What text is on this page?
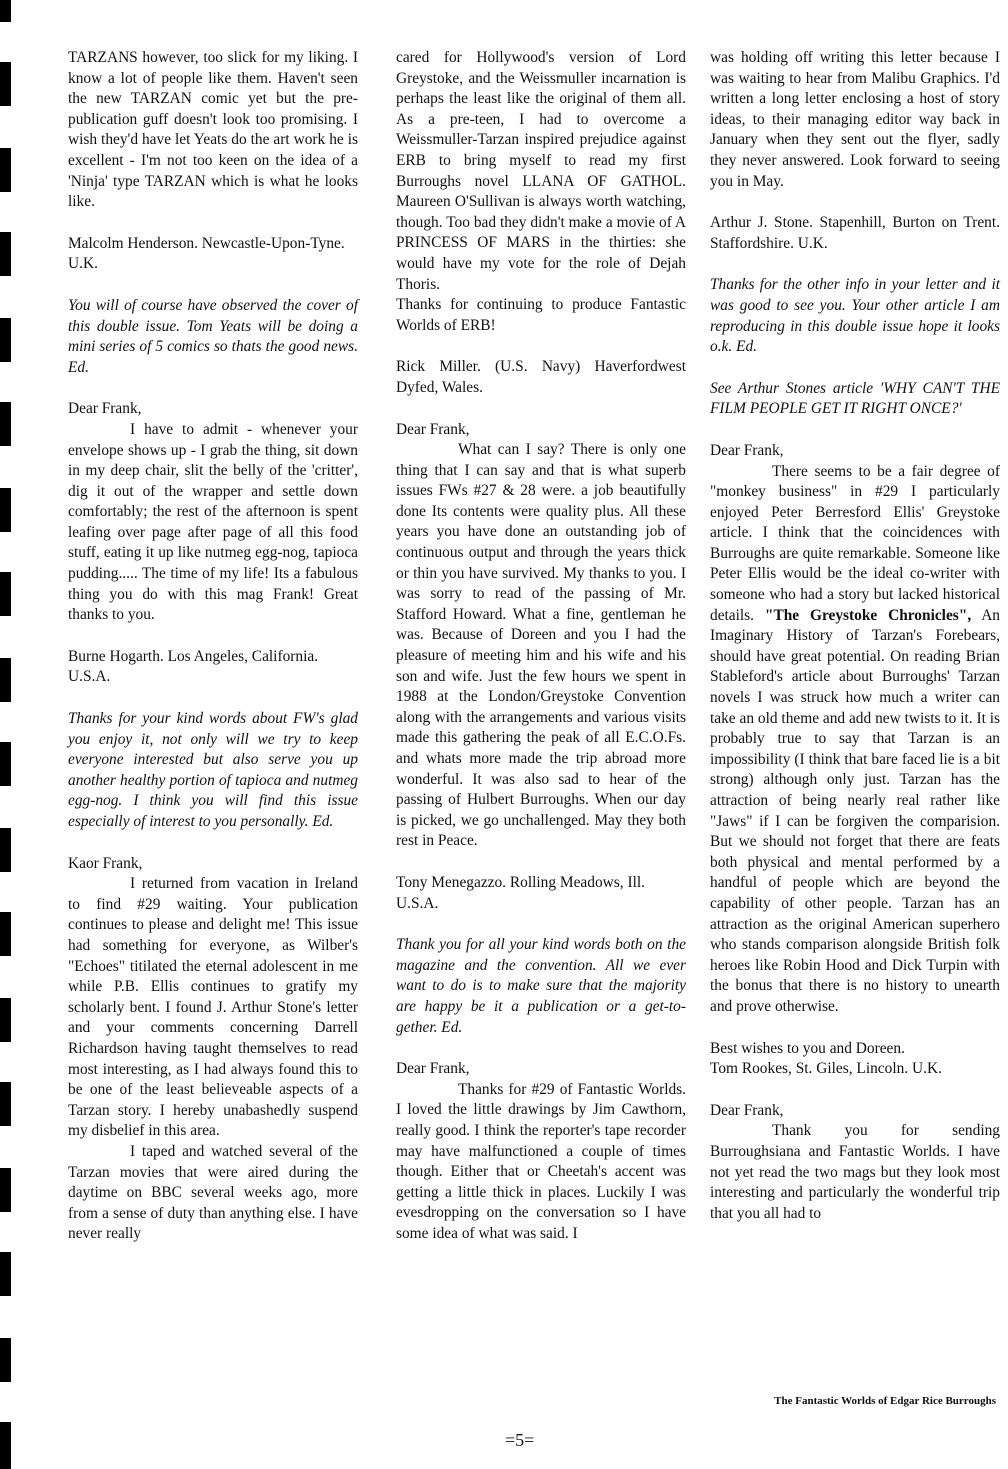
TARZANS however, too slick for my liking. I know a lot of people like them. Haven't seen the new TARZAN comic yet but the pre-publication guff doesn't look too promising. I wish they'd have let Yeats do the art work he is excellent - I'm not too keen on the idea of a 'Ninja' type TARZAN which is what he looks like.

Malcolm Henderson. Newcastle-Upon-Tyne. U.K.

You will of course have observed the cover of this double issue. Tom Yeats will be doing a mini series of 5 comics so thats the good news. Ed.

Dear Frank,

I have to admit - whenever your envelope shows up - I grab the thing, sit down in my deep chair, slit the belly of the 'critter', dig it out of the wrapper and settle down comfortably; the rest of the afternoon is spent leafing over page after page of all this food stuff, eating it up like nutmeg egg-nog, tapioca pudding..... The time of my life! Its a fabulous thing you do with this mag Frank! Great thanks to you.

Burne Hogarth. Los Angeles, California. U.S.A.

Thanks for your kind words about FW's glad you enjoy it, not only will we try to keep everyone interested but also serve you up another healthy portion of tapioca and nutmeg egg-nog. I think you will find this issue especially of interest to you personally. Ed.

Kaor Frank,

I returned from vacation in Ireland to find #29 waiting. Your publication continues to please and delight me! This issue had something for everyone, as Wilber's "Echoes" titilated the eternal adolescent in me while P.B. Ellis continues to gratify my scholarly bent. I found J. Arthur Stone's letter and your comments concerning Darrell Richardson having taught themselves to read most interesting, as I had always found this to be one of the least believeable aspects of a Tarzan story. I hereby unabashedly suspend my disbelief in this area.

I taped and watched several of the Tarzan movies that were aired during the daytime on BBC several weeks ago, more from a sense of duty than anything else. I have never really

cared for Hollywood's version of Lord Greystoke, and the Weissmuller incarnation is perhaps the least like the original of them all. As a pre-teen, I had to overcome a Weissmuller-Tarzan inspired prejudice against ERB to bring myself to read my first Burroughs novel LLANA OF GATHOL. Maureen O'Sullivan is always worth watching, though. Too bad they didn't make a movie of A PRINCESS OF MARS in the thirties: she would have my vote for the role of Dejah Thoris.

Thanks for continuing to produce Fantastic Worlds of ERB!

Rick Miller. (U.S. Navy) Haverfordwest Dyfed, Wales.

Dear Frank,

What can I say? There is only one thing that I can say and that is what superb issues FWs #27 & 28 were. a job beautifully done Its contents were quality plus. All these years you have done an outstanding job of continuous output and through the years thick or thin you have survived. My thanks to you. I was sorry to read of the passing of Mr. Stafford Howard. What a fine, gentleman he was. Because of Doreen and you I had the pleasure of meeting him and his wife and his son and wife. Just the few hours we spent in 1988 at the London/Greystoke Convention along with the arrangements and various visits made this gathering the peak of all E.C.O.Fs. and whats more made the trip abroad more wonderful. It was also sad to hear of the passing of Hulbert Burroughs. When our day is picked, we go unchallenged. May they both rest in Peace.

Tony Menegazzo. Rolling Meadows, Ill. U.S.A.

Thank you for all your kind words both on the magazine and the convention. All we ever want to do is to make sure that the majority are happy be it a publication or a get-to-gether. Ed.

Dear Frank,

Thanks for #29 of Fantastic Worlds. I loved the little drawings by Jim Cawthorn, really good. I think the reporter's tape recorder may have malfunctioned a couple of times though. Either that or Cheetah's accent was getting a little thick in places. Luckily I was evesdropping on the conversation so I have some idea of what was said. I

was holding off writing this letter because I was waiting to hear from Malibu Graphics. I'd written a long letter enclosing a host of story ideas, to their managing editor way back in January when they sent out the flyer, sadly they never answered. Look forward to seeing you in May.

Arthur J. Stone. Stapenhill, Burton on Trent. Staffordshire. U.K.

Thanks for the other info in your letter and it was good to see you. Your other article I am reproducing in this double issue hope it looks o.k. Ed.

See Arthur Stones article 'WHY CAN'T THE FILM PEOPLE GET IT RIGHT ONCE?'

Dear Frank,

There seems to be a fair degree of "monkey business" in #29 I particularly enjoyed Peter Berresford Ellis' Greystoke article. I think that the coincidences with Burroughs are quite remarkable. Someone like Peter Ellis would be the ideal co-writer with someone who had a story but lacked historical details. "The Greystoke Chronicles", An Imaginary History of Tarzan's Forebears, should have great potential. On reading Brian Stableford's article about Burroughs' Tarzan novels I was struck how much a writer can take an old theme and add new twists to it. It is probably true to say that Tarzan is an impossibility (I think that bare faced lie is a bit strong) although only just. Tarzan has the attraction of being nearly real rather like "Jaws" if I can be forgiven the comparision. But we should not forget that there are feats both physical and mental performed by a handful of people which are beyond the capability of other people. Tarzan has an attraction as the original American superhero who stands comparison alongside British folk heroes like Robin Hood and Dick Turpin with the bonus that there is no history to unearth and prove otherwise.

Best wishes to you and Doreen.

Tom Rookes, St. Giles, Lincoln. U.K.

Dear Frank,

Thank you for sending Burroughsiana and Fantastic Worlds. I have not yet read the two mags but they look most interesting and particularly the wonderful trip that you all had to

The Fantastic Worlds of Edgar Rice Burroughs
=5=
